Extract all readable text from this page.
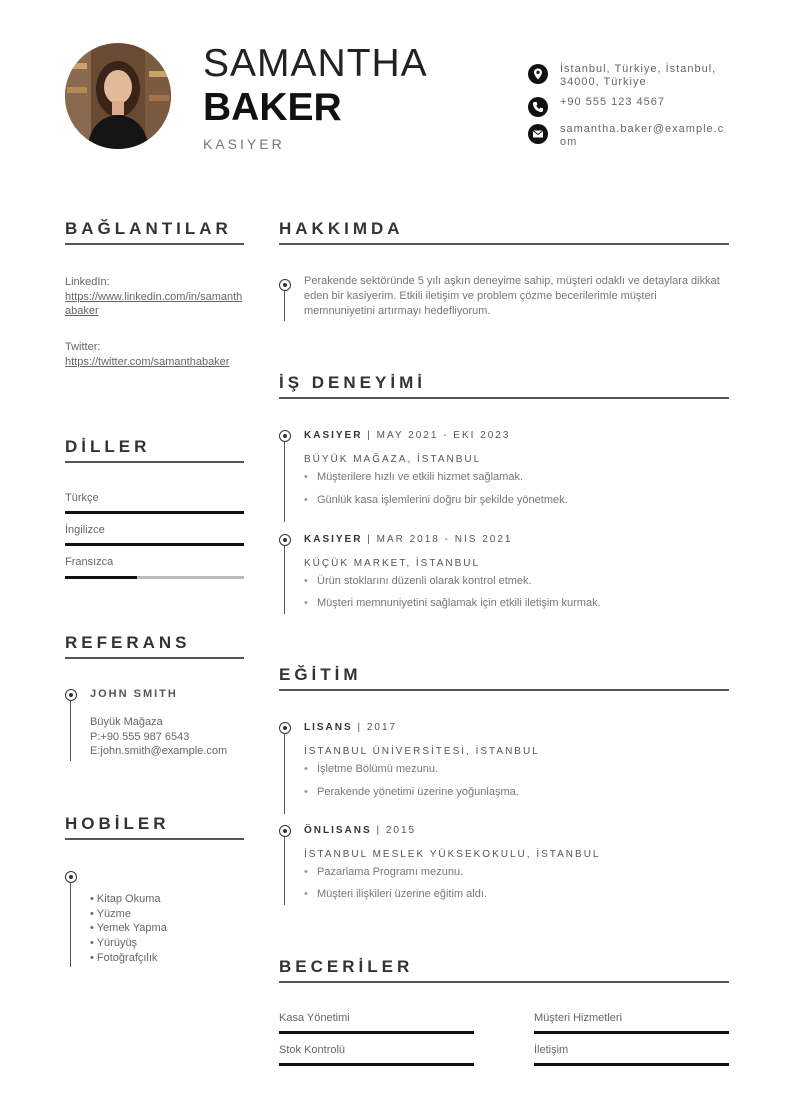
SAMANTHA
BAKER
KASIYER
İstanbul, Türkiye, İstanbul, 34000, Türkiye
+90 555 123 4567
samantha.baker@example.com
BAĞLANTILAR
LinkedIn:
https://www.linkedin.com/in/samanthabaker
Twitter:
https://twitter.com/samanthabaker
DİLLER
Türkçe
İngilizce
Fransızca
REFERANS
JOHN SMITH
Büyük Mağaza
P:+90 555 987 6543
E:john.smith@example.com
HOBİLER
• Kitap Okuma
• Yüzme
• Yemek Yapma
• Yürüyüş
• Fotoğrafçılık
HAKKIMDA
Perakende sektöründe 5 yılı aşkın deneyime sahip, müşteri odaklı ve detaylara dikkat eden bir kasiyerim. Etkili iletişim ve problem çözme becerilerimle müşteri memnuniyetini artırmayı hedefliyorum.
İŞ DENEYİMİ
KASIYER | MAY 2021 - EKI 2023
BÜYÜK MAĞAZA, İSTANBUL
• Müşterilere hızlı ve etkili hizmet sağlamak.
• Günlük kasa işlemlerini doğru bir şekilde yönetmek.
KASIYER | MAR 2018 - NIS 2021
KÜÇÜK MARKET, İSTANBUL
• Ürün stoklarını düzenli olarak kontrol etmek.
• Müşteri memnuniyetini sağlamak için etkili iletişim kurmak.
EĞİTİM
LISANS | 2017
İSTANBUL ÜNİVERSİTESİ, İSTANBUL
• İşletme Bölümü mezunu.
• Perakende yönetimi üzerine yoğunlaşma.
ÖNLISANS | 2015
İSTANBUL MESLEK YÜKSEKOKULU, İSTANBUL
• Pazarlama Programı mezunu.
• Müşteri ilişkileri üzerine eğitim aldı.
BECERİLER
Kasa Yönetimi	Müşteri Hizmetleri
Stok Kontrolü	İletişim
